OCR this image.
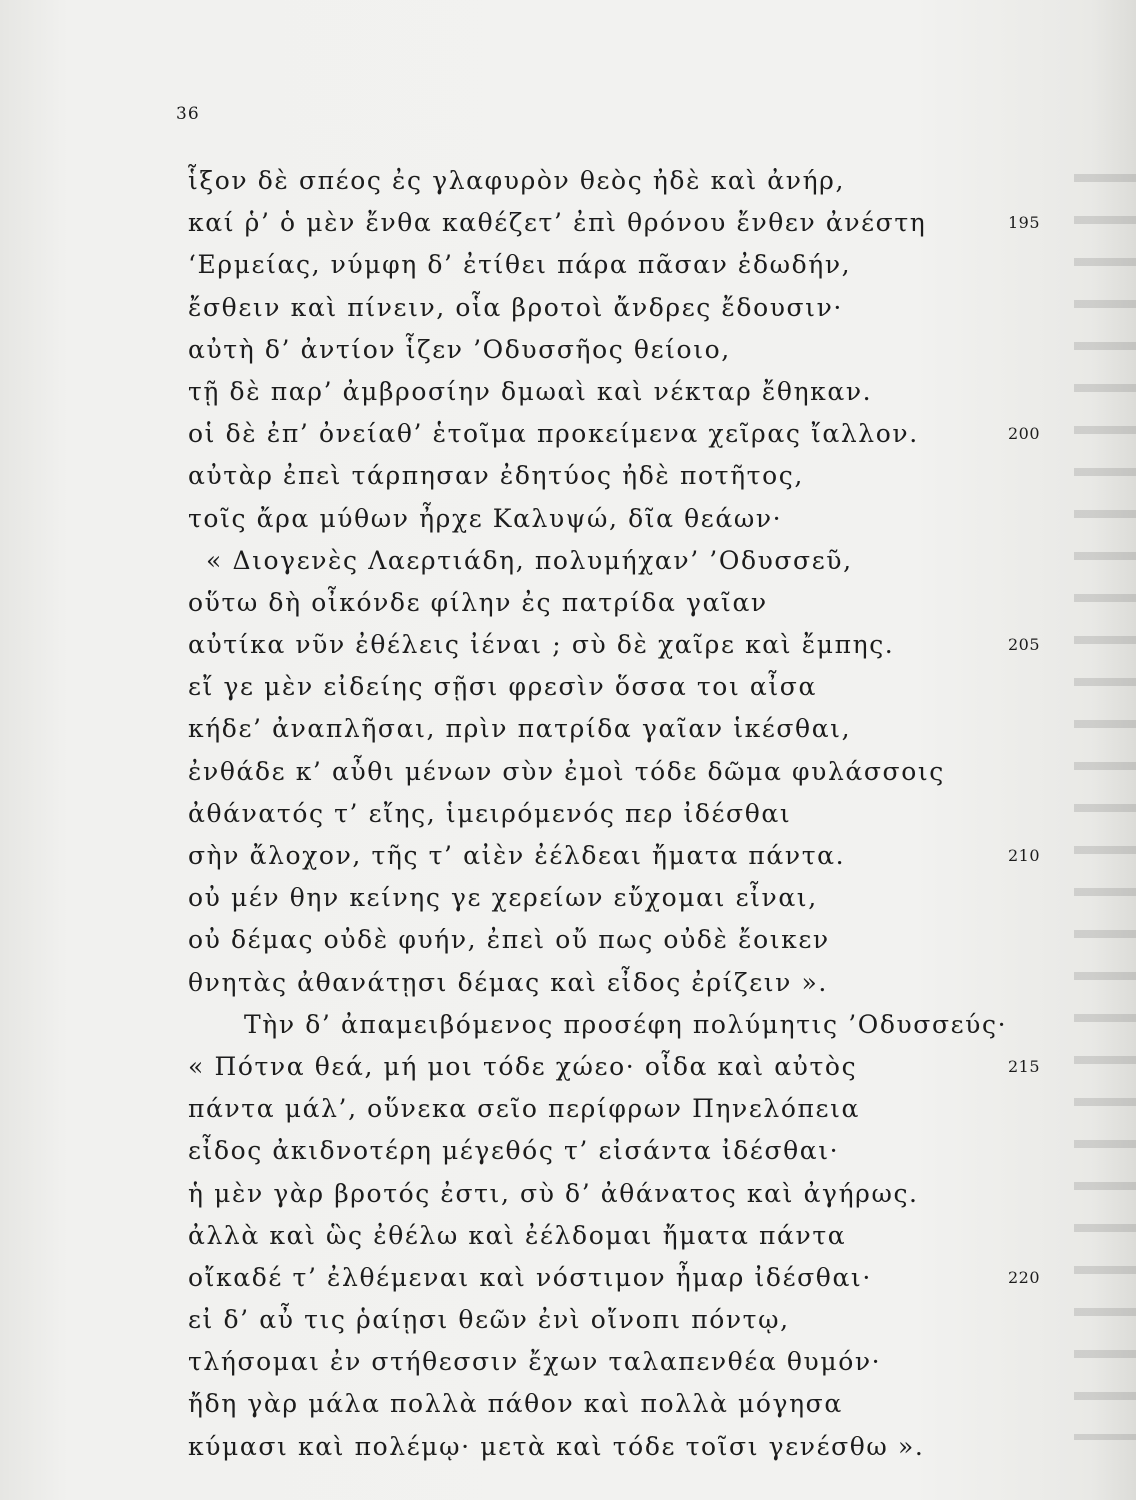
36
ἷξον δὲ σπέος ἐς γλαφυρὸν θεὸς ἠδὲ καὶ ἀνήρ,
καί ῥ’ ὁ μὲν ἔνθα καθέζετ’ ἐπὶ θρόνου ἔνθεν ἀνέστη	195
‘Ερμείας, νύμφη δ’ ἐτίθει πάρα πᾶσαν ἐδωδήν,
ἔσθειν καὶ πίνειν, οἷα βροτοὶ ἄνδρες ἔδουσιν·
αὐτὴ δ’ ἀντίον ἷζεν ’Οδυσσῆος θείοιο,
τῇ δὲ παρ’ ἀμβροσίην δμωαὶ καὶ νέκταρ ἔθηκαν.
οἱ δὲ ἐπ’ ὀνείαθ’ ἑτοῖμα προκείμενα χεῖρας ἴαλλον.	200
αὐτὰρ ἐπεὶ τάρπησαν ἐδητύος ἠδὲ ποτῆτος,
τοῖς ἄρα μύθων ἦρχε Καλυψώ, δῖα θεάων·
« Διογενὲς Λαερτιάδη, πολυμήχαν’ ’Οδυσσεῦ,
οὕτω δὴ οἶκόνδε φίλην ἐς πατρίδα γαῖαν
αὐτίκα νῦν ἐθέλεις ἰέναι ; σὺ δὲ χαῖρε καὶ ἔμπης.	205
εἴ γε μὲν εἰδείης σῇσι φρεσὶν ὅσσα τοι αἶσα
κήδε’ ἀναπλῆσαι, πρὶν πατρίδα γαῖαν ἱκέσθαι,
ἐνθάδε κ’ αὖθι μένων σὺν ἐμοὶ τόδε δῶμα φυλάσσοις
ἀθάνατός τ’ εἴης, ἱμειρόμενός περ ἰδέσθαι
σὴν ἄλοχον, τῆς τ’ αἰὲν ἐέλδεαι ἤματα πάντα.	210
οὐ μέν θην κείνης γε χερείων εὔχομαι εἶναι,
οὐ δέμας οὐδὲ φυήν, ἐπεὶ οὔ πως οὐδὲ ἔοικεν
θνητὰς ἀθανάτῃσι δέμας καὶ εἶδος ἐρίζειν ».
Τὴν δ’ ἀπαμειβόμενος προσέφη πολύμητις ’Οδυσσεύς·
« Πότνα θεά, μή μοι τόδε χώεο· οἶδα καὶ αὐτὸς	215
πάντα μάλ’, οὕνεκα σεῖο περίφρων Πηνελόπεια
εἶδος ἀκιδνοτέρη μέγεθός τ’ εἰσάντα ἰδέσθαι·
ἡ μὲν γὰρ βροτός ἐστι, σὺ δ’ ἀθάνατος καὶ ἀγήρως.
ἀλλὰ καὶ ὣς ἐθέλω καὶ ἐέλδομαι ἤματα πάντα
οἴκαδέ τ’ ἐλθέμεναι καὶ νόστιμον ἦμαρ ἰδέσθαι·	220
εἰ δ’ αὖ τις ῥαίῃσι θεῶν ἐνὶ οἴνοπι πόντῳ,
τλήσομαι ἐν στήθεσσιν ἔχων ταλαπενθέα θυμόν·
ἤδη γὰρ μάλα πολλὰ πάθον καὶ πολλὰ μόγησα
κύμασι καὶ πολέμῳ· μετὰ καὶ τόδε τοῖσι γενέσθω ».
